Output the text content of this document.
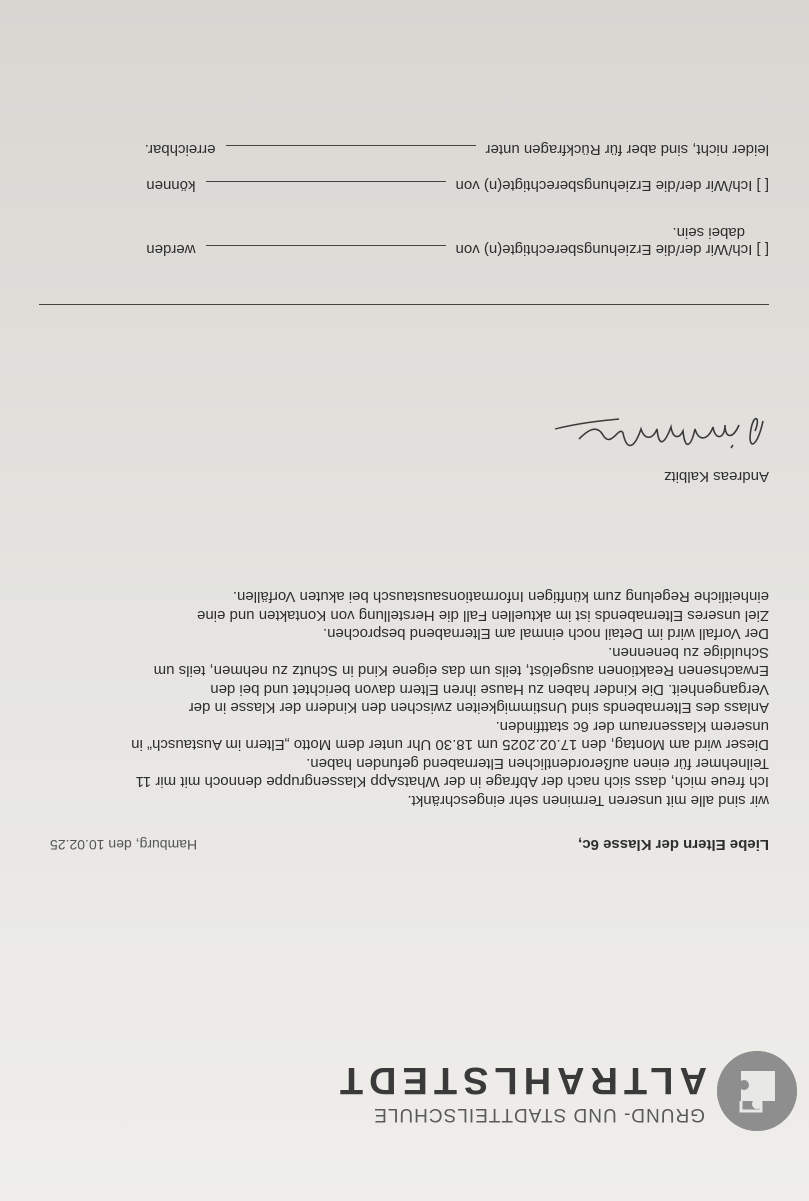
GRUND- UND STADTTEILSCHULE
ALTRAHLSTEDT
Liebe Eltern der Klasse 6c,
Hamburg, den 10.02.25

wir sind alle mit unseren Terminen sehr eingeschränkt.
Ich freue mich, dass sich nach der Abfrage in der WhatsApp Klassengruppe dennoch mit mir 11
Teilnehmer für einen außerordentlichen Elternabend gefunden haben.

Dieser wird am Montag, den 17.02.2025 um 18.30 Uhr unter dem Motto „Eltern im Austausch“ in
unserem Klassenraum der 6c stattfinden.

Anlass des Elternabends sind Unstimmigkeiten zwischen den Kindern der Klasse in der
Vergangenheit. Die Kinder haben zu Hause ihren Eltern davon berichtet und bei den
Erwachsenen Reaktionen ausgelöst, teils um das eigene Kind in Schutz zu nehmen, teils um
Schuldige zu benennen.

Der Vorfall wird im Detail noch einmal am Elternabend besprochen.

Ziel unseres Elternabends ist im aktuellen Fall die Herstellung von Kontakten und eine
einheitliche Regelung zum künftigen Informationsaustausch bei akuten Vorfällen.

Andreas Kalbitz
[ ] Ich/Wir der/die Erziehungsberechtigte(n) vonwerden
dabei sein.
[ ] Ich/Wir der/die Erziehungsberechtigte(n) vonkönnen
leider nicht, sind aber für Rückfragen untererreichbar.
